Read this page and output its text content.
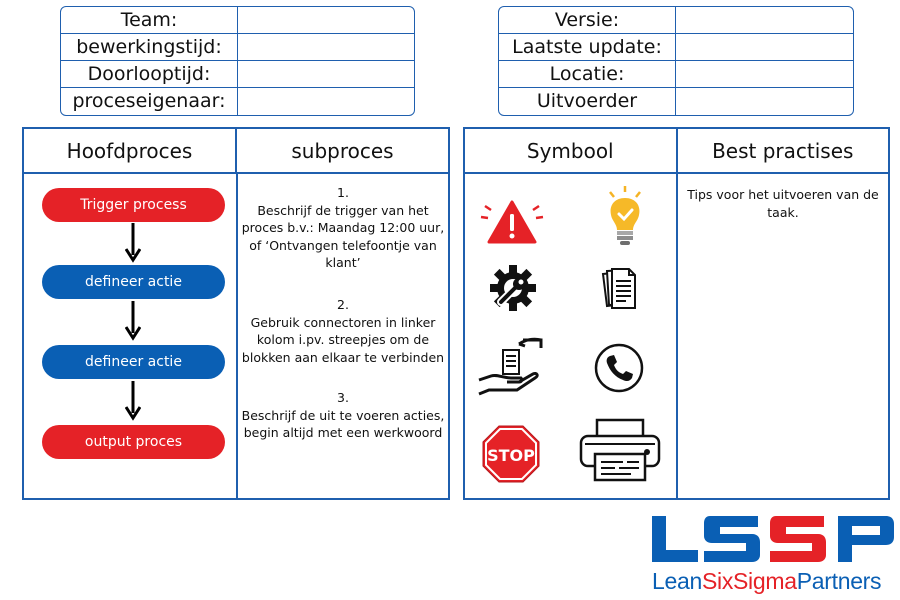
Team:
bewerkingstijd:
Doorlooptijd:
proceseigenaar:
Versie:
Laatste update:
Locatie:
Uitvoerder
Hoofdproces	subproces
Trigger process
defineer actie
defineer actie
output proces
1.
Beschrijf de trigger van het proces b.v.: Maandag 12:00 uur, of ‘Ontvangen telefoontje van klant’
2.
Gebruik connectoren in linker kolom i.pv. streepjes om de blokken aan elkaar te verbinden
3.
Beschrijf de uit te voeren acties, begin altijd met een werkwoord
Symbool	Best practises
STOP
Tips voor het uitvoeren van de taak.
LeanSixSigmaPartners
